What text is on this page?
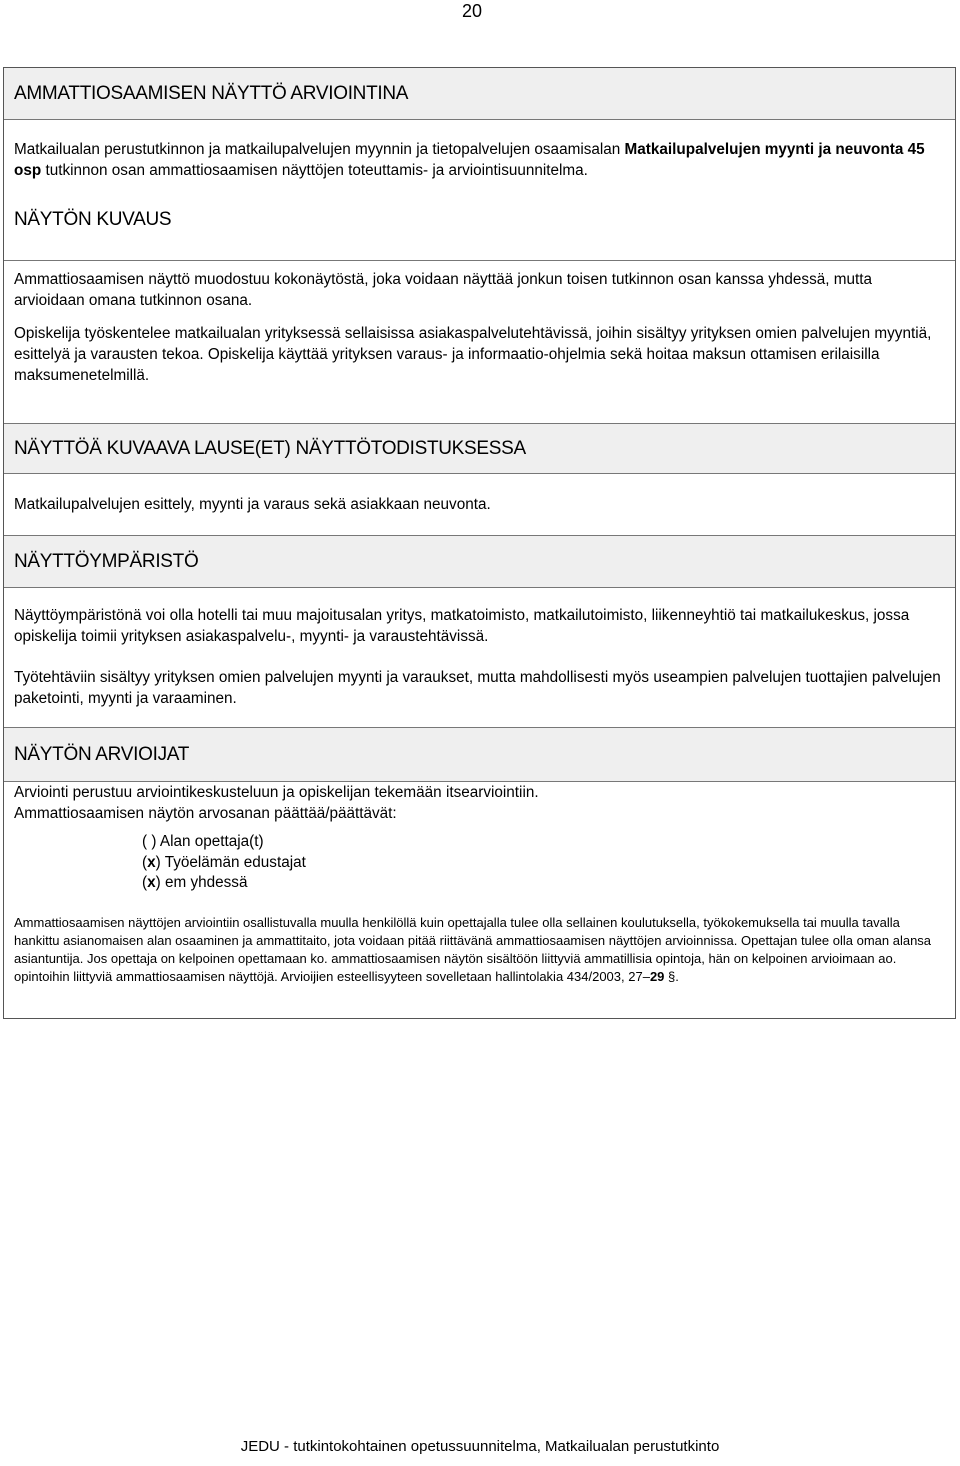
20
AMMATTIOSAAMISEN NÄYTTÖ ARVIOINTINA

Matkailualan perustutkinnon ja matkailupalvelujen myynnin ja tietopalvelujen osaamisalan Matkailupalvelujen myynti ja neuvonta 45 osp tutkinnon osan ammattiosaamisen näyttöjen toteuttamis- ja arviointisuunnitelma.

NÄYTÖN KUVAUS

Ammattiosaamisen näyttö muodostuu kokonäytöstä, joka voidaan näyttää jonkun toisen tutkinnon osan kanssa yhdessä, mutta arvioidaan omana tutkinnon osana.

Opiskelija työskentelee matkailualan yrityksessä sellaisissa asiakaspalvelutehtävissä, joihin sisältyy yrityksen omien palvelujen myyntiä, esittelyä ja varausten tekoa. Opiskelija käyttää yrityksen varaus- ja informaatio-ohjelmia sekä hoitaa maksun ottamisen erilaisilla maksumenetelmillä.

NÄYTTÖÄ KUVAAVA LAUSE(ET) NÄYTTÖTODISTUKSESSA

Matkailupalvelujen esittely, myynti ja varaus sekä asiakkaan neuvonta.

NÄYTTÖYMPÄRISTÖ

Näyttöympäristönä voi olla hotelli tai muu majoitusalan yritys, matkatoimisto, matkailutoimisto, liikenneyhtiö tai matkailukeskus, jossa opiskelija toimii yrityksen asiakaspalvelu-, myynti- ja varaustehtävissä.

Työtehtäviin sisältyy yrityksen omien palvelujen myynti ja varaukset, mutta mahdollisesti myös useampien palvelujen tuottajien palvelujen paketointi, myynti ja varaaminen.

NÄYTÖN ARVIOIJAT

Arviointi perustuu arviointikeskusteluun ja opiskelijan tekemään itsearviointiin.

Ammattiosaamisen näytön arvosanan päättää/päättävät:

( ) Alan opettaja(t)
(x) Työelämän edustajat
(x) em yhdessä

Ammattiosaamisen näyttöjen arviointiin osallistuvalla muulla henkilöllä kuin opettajalla tulee olla sellainen koulutuksella, työkokemuksella tai muulla tavalla hankittu asianomaisen alan osaaminen ja ammattitaito, jota voidaan pitää riittävänä ammattiosaamisen näyttöjen arvioinnissa. Opettajan tulee olla oman alansa asiantuntija. Jos opettaja on kelpoinen opettamaan ko. ammattiosaamisen näytön sisältöön liittyviä ammatillisia opintoja, hän on kelpoinen arvioimaan ao. opintoihin liittyviä ammattiosaamisen näyttöjä. Arvioijien esteellisyyteen sovelletaan hallintolakia 434/2003, 27–29 §.

JEDU - tutkintokohtainen opetussuunnitelma, Matkailualan perustutkinto
